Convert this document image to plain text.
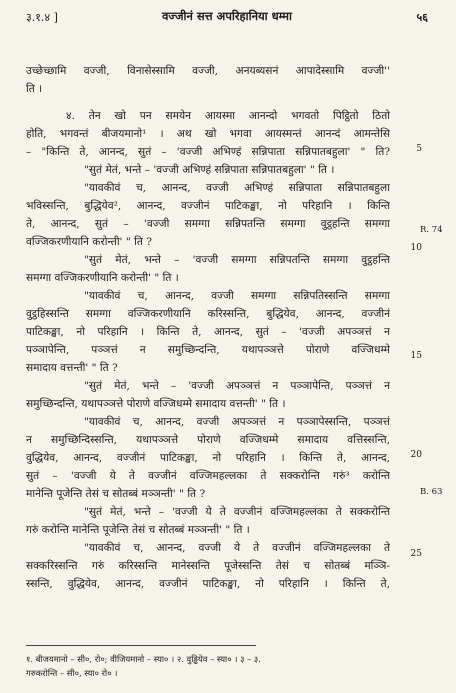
३.१.४ ]	वज्जीनं सत्त अपरिहानिया धम्मा	५६
उच्छेच्छामि वज्जी, विनासेस्सामि वज्जी, अनयब्यसनं आपादेस्सामि वज्जी''
ति ।
४. तेन खो पन समयेन आयस्मा आनन्दो भगवतो पिट्ठितो ठितो
होति, भगवन्तं बीजयमानो¹ । अथ खो भगवा आयस्मन्तं आनन्दं आमन्तेसि
– "किन्ति ते, आनन्द, सुतं – 'वज्जी अभिण्हं सन्निपाता सन्निपातबहुला' " ति?
"सुतं मेतं, भन्ते – 'वज्जी अभिण्हं सन्निपाता सन्निपातबहुला' " ति ।
"यावकीवं च, आनन्द, वज्जी अभिण्हं सन्निपाता सन्निपातबहुला
भविस्सन्ति, बुद्धियेव², आनन्द, वज्जीनं पाटिकङ्खा, नो परिहानि । किन्ति
ते, आनन्द, सुतं – 'वज्जी समग्गा सन्निपतन्ति समग्गा वुट्ठहन्ति समग्गा
वज्जिकरणीयानि करोन्ती' " ति ?
"सुतं मेतं, भन्ते – 'वज्जी समग्गा सन्निपतन्ति समग्गा वुट्ठहन्ति
समग्गा वज्जिकरणीयानि करोन्ती' " ति ।
"यावकीवं च, आनन्द, वज्जी समग्गा सन्निपतिस्सन्ति समग्गा
वुट्ठहिस्सन्ति समग्गा वज्जिकरणीयानि करिस्सन्ति, बुद्धियेव, आनन्द, वज्जीनं
पाटिकङ्खा, नो परिहानि । किन्ति ते, आनन्द, सुतं – 'वज्जी अपञ्ञत्तं न
पञ्ञापेन्ति, पञ्ञत्तं न समुच्छिन्दन्ति, यथापञ्ञत्ते पोराणे वज्जिधम्मे
समादाय वत्तन्ती' " ति ?
"सुतं मेतं, भन्ते – 'वज्जी अपञ्ञत्तं न पञ्ञापेन्ति, पञ्ञत्तं न
समुच्छिन्दन्ति, यथापञ्ञत्ते पोराणे वज्जिधम्मे समादाय वत्तन्ती' " ति ।
"यावकीवं च, आनन्द, वज्जी अपञ्ञत्तं न पञ्ञापेस्सन्ति, पञ्ञत्तं
न समुच्छिन्दिस्सन्ति, यथापञ्ञत्ते पोराणे वज्जिधम्मे समादाय वत्तिस्सन्ति,
वुद्धियेव, आनन्द, वज्जीनं पाटिकङ्खा, नो परिहानि । किन्ति ते, आनन्द,
सुतं – 'वज्जी ये ते वज्जीनं वज्जिमहल्लका ते सक्करोन्ति गरुं³ करोन्ति
मानेन्ति पूजेन्ति तेसं च सोतब्बं मञ्ञन्ती' " ति ?
"सुतं मेतं, भन्ते – 'वज्जी ये ते वज्जीनं वज्जिमहल्लका ते सक्करोन्ति
गरुं करोन्ति मानेन्ति पूजेन्ति तेसं च सोतब्बं मञ्ञन्ती' " ति ।
"यावकीवं च, आनन्द, वज्जी ये ते वज्जीनं वज्जिमहल्लका ते
सक्करिस्सन्ति गरुं करिस्सन्ति मानेस्सन्ति पूजेस्सन्ति तेसं च सोतब्बं मञ्ञि-
स्सन्ति, वुद्धियेव, आनन्द, वज्जीनं पाटिकङ्खा, नो परिहानि । किन्ति ते,
5
10
15
20
25
R. 74
B. 63
१. बीजयमानो – सी०, रो०; वीजियमानो – स्या० । २. वुड्ढियेव – स्या० । ३ – ३.
गरुकरोन्ति – सी०, स्या० रो० ।
